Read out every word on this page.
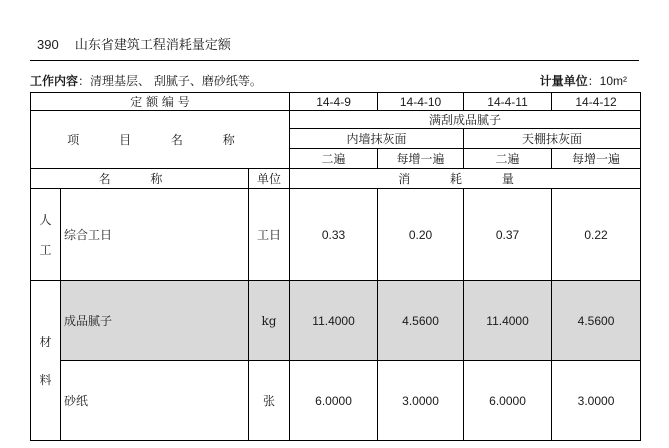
390 山东省建筑工程消耗量定额
工作内容：清理基层、 刮腻子、磨砂纸等。	计量单位：10m²
定 额 编 号			14-4-9	14-4-10	14-4-11	14-4-12
项 目 名 称			满刮成品腻子			
			内墙抹灰面		天棚抹灰面	
			二遍	每增一遍	二遍	每增一遍
名 称		单位	消 耗 量			

人
工	综合工日	工日	0.33	0.20	0.37	0.22

材
料	成品腻子	kg	11.4000	4.5600	11.4000	4.5600
	砂纸	张	6.0000	3.0000	6.0000	3.0000
